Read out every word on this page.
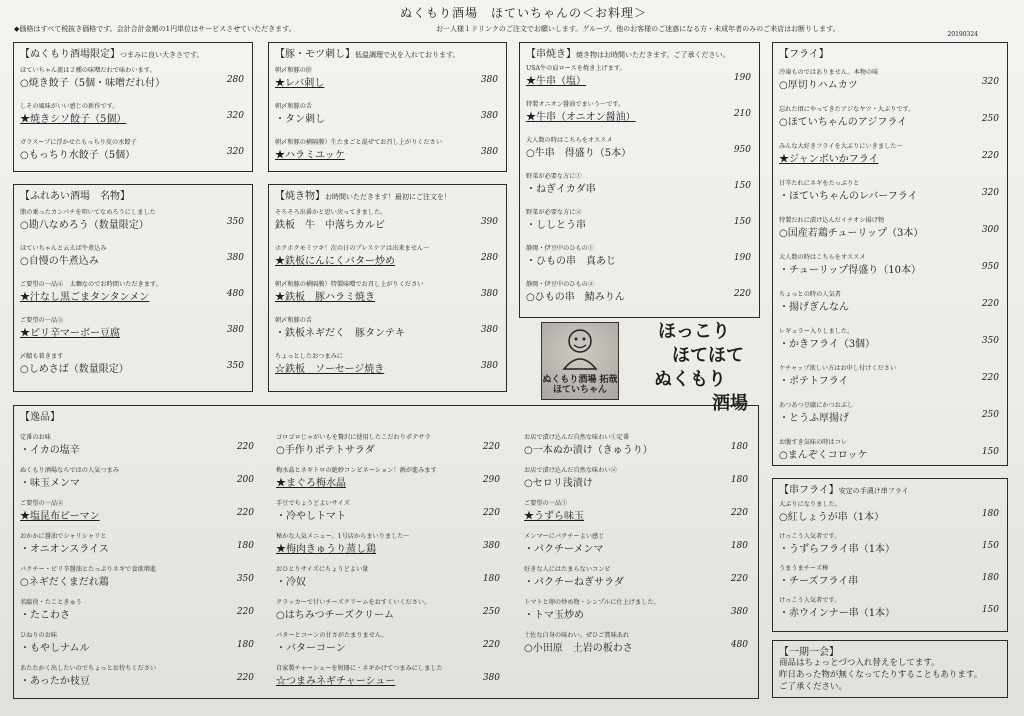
ぬくもり酒場　ほていちゃんの＜お料理＞
◆価格はすべて税抜き価格です。会計合計金額の1円単位はサービスさせていただきます。	お一人様１ドリンクのご注文でお願いします。グループ、他のお客様のご迷惑になる方・未成年者のみのご来店はお断りします。
20190324
【ぬくもり酒場限定】つまみに良い大きさです。
ほていちゃん流は２種の味噌だれで味わいます。
○焼き餃子（5個・味噌だれ付）	280
しその風味がいい感じの新作です。
★焼きシソ餃子（5個）	320
ガラスープに浮かせたもっちり皮の水餃子
○もっちり水餃子（5個）	320
【豚・モツ刺し】低温調理で火を入れております。
朝〆和豚の肝
★レバ刺し	380
朝〆和豚の舌
・タン刺し	380
朝〆和豚の横隔膜）生たまごと混ぜてお召し上がりください
★ハラミユッケ	380
【串焼き】焼き物はお時間いただきます。ご了承ください。
USA牛の肩ロースを焼き上げます。
★牛串（塩）	190
特製オニオン醤油でまいう〜です。
★牛串（オニオン醤油）	210
大人数の時はこちらをオススメ
○牛串　得盛り（5本）	950
野菜が必要な方に①
・ねぎイカダ串	150
野菜が必要な方に②
・ししとう串	150
静岡・伊豆中のひもの①
・ひもの串　真あじ	190
静岡・伊豆中のひもの②
○ひもの串　鯖みりん	220
【フライ】
冷凍ものではありません。本物の味
○厚切りハムカツ	320
忘れた頃にやってきたアジなヤツ・大ぶりです。
○ほていちゃんのアジフライ	250
みんな大好きフライを大ぶりにいきました〜
★ジャンボいかフライ	220
甘辛たれにネギをたっぷりと
・ほていちゃんのレバーフライ	320
特製だれに漬け込んだイチオシ揚げ物
○国産若鶏チューリップ（3本）	300
大人数の時はこちらをオススメ
・チューリップ得盛り（10本）	950
ちょっとの時の人気者
・揚げぎんなん	220
レギュラー入りしました。
・かきフライ（3個）	350
ケチャップ欲しい方はお申し付けください
・ポテトフライ	220
あつあつ豆腐にかつおぶし
・とうふ厚揚げ	250
お腹すき気味の時はコレ
○まんぞくコロッケ	150
【ふれあい酒場　名物】
脂の乗ったカンパチを叩いてなめろうにしました
○勘八なめろう（数量限定）	350
ほていちゃんと云えば牛煮込み
○自慢の牛煮込み	380
ご要望の一品④　太麺なのでお時間いただきます。
★汁なし黒ごまタンタンメン	480
ご要望の一品③
★ピリ辛マーボー豆腐	380
〆鯖も着きます
○しめさば（数量限定）	350
【焼き物】お時間いただきます！最初にご注文を！
そろそろ出番かと思い戻ってきました。
鉄板　牛　中落ちカルビ	390
ホクホクモミツキ！次の日のプレスケアは出来ません〜
★鉄板にんにくバター炒め	280
朝〆和豚の横隔膜）特製味噌でお召し上がりください
★鉄板　豚ハラミ焼き	380
朝〆和豚の舌
・鉄板ネギだく　豚タンテキ	380
ちょっとしたおつまみに
☆鉄板　ソーセージ焼き	380
【逸品】
定番のお味
・イカの塩辛	220
ぬくもり酒場ならではの人気つまみ
・味玉メンマ	200
ご要望の一品②
★塩昆布ピーマン	220
おかかに醤油でシャリシャリと
・オニオンスライス	180
パクチー・ピリ辛醤油とたっぷりネギで食欲増進
○ネギだくまだれ鶏	350
名脇役・たこときゅう
・たこわさ	220
ひねりのお味
・もやしナムル	180
あたたかく出したいのでちょっとお待ちください
・あったか枝豆	220
ゴロゴロじゃがいもを贅沢に使用したこだわりポテサラ
○手作りポテトサラダ	220
梅水晶とネギトロの絶妙コンビネーション！酒が進みます
★まぐろ梅水晶	290
手豆でちょうどよいサイズ
・冷やしトマト	220
秘かな人気メニュー。1号店からまいりました〜
★梅肉きゅうり蒸し鶏	380
おひとりサイズにちょうどよい量
・冷奴	180
クラッカーで甘いチーズクリームをおすくいください。
○はちみつチーズクリーム	250
バターとコーンの甘さがたまりません。
・バターコーン	220
自家製チャーシューを短冊に・ネギかけてつまみにしました
☆つまみネギチャーシュー	380
お店で漬け込んだ自然な味わい①定番
○一本ぬか漬け（きゅうり）	180
お店で漬け込んだ自然な味わい②
○セロリ浅漬け	180
ご要望の一品①
★うずら味玉	220
メンマーにパクチーよい感じ
・パクチーメンマ	180
好きな人にはたまらないコンビ
・パクチーねぎサラダ	220
トマトと卵の炒め物・シンプルに仕上げました。
・トマ玉炒め	380
土佐な白身の味わい。ぜひご賞味あれ
○小田原　土岩の板わさ	480
【串フライ】安定の手漬け串フライ
大ぶりになりました。
○紅しょうが串（1本）	180
けっこう人気者です。
・うずらフライ串（1本）	150
うまうまチーズ棒
・チーズフライ串	180
けっこう人気者です。
・赤ウインナー串（1本）	150
【一期一会】
商品はちょっとづつ入れ替えをしてます。
昨日あった物が無くなってたりすることもあります。
ご了承ください。
ぬくもり酒場 拓哉 ほていちゃん
ほっこり
ほてほて
ぬくもり
酒場
